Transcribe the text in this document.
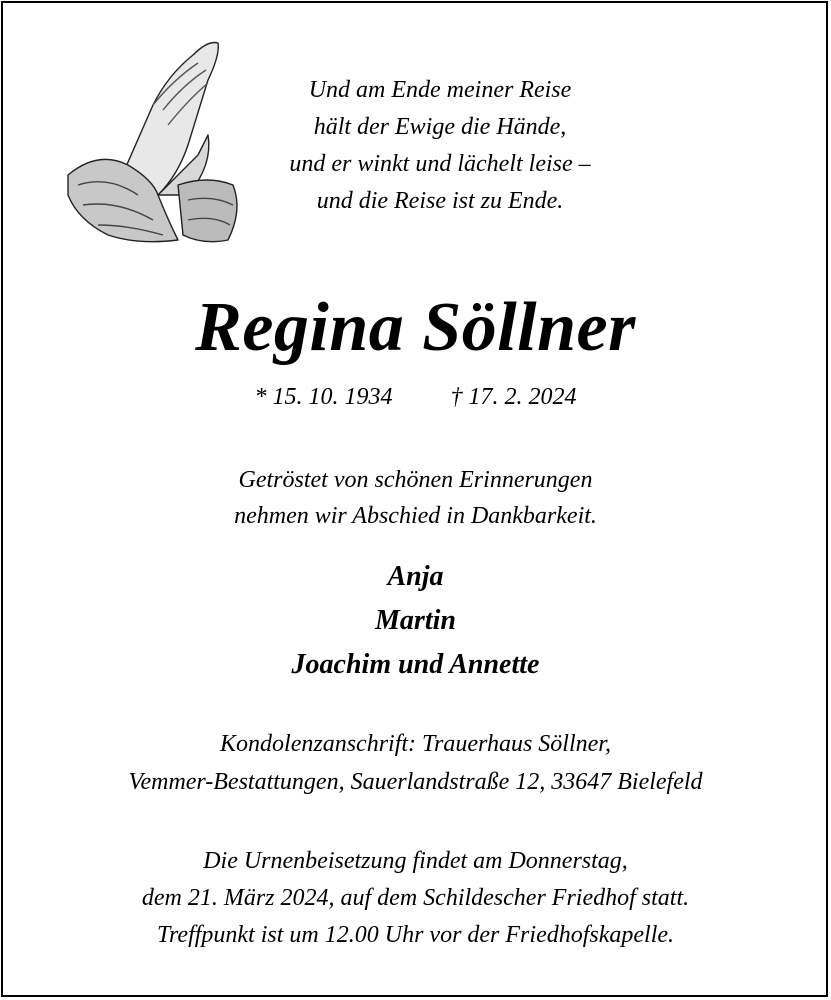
Und am Ende meiner Reise
hält der Ewige die Hände,
und er winkt und lächelt leise –
und die Reise ist zu Ende.
Regina Söllner
* 15. 10. 1934 † 17. 2. 2024
Getröstet von schönen Erinnerungen
nehmen wir Abschied in Dankbarkeit.
Anja
Martin
Joachim und Annette
Kondolenzanschrift: Trauerhaus Söllner,
Vemmer-Bestattungen, Sauerlandstraße 12, 33647 Bielefeld
Die Urnenbeisetzung findet am Donnerstag,
dem 21. März 2024, auf dem Schildescher Friedhof statt.
Treffpunkt ist um 12.00 Uhr vor der Friedhofskapelle.
